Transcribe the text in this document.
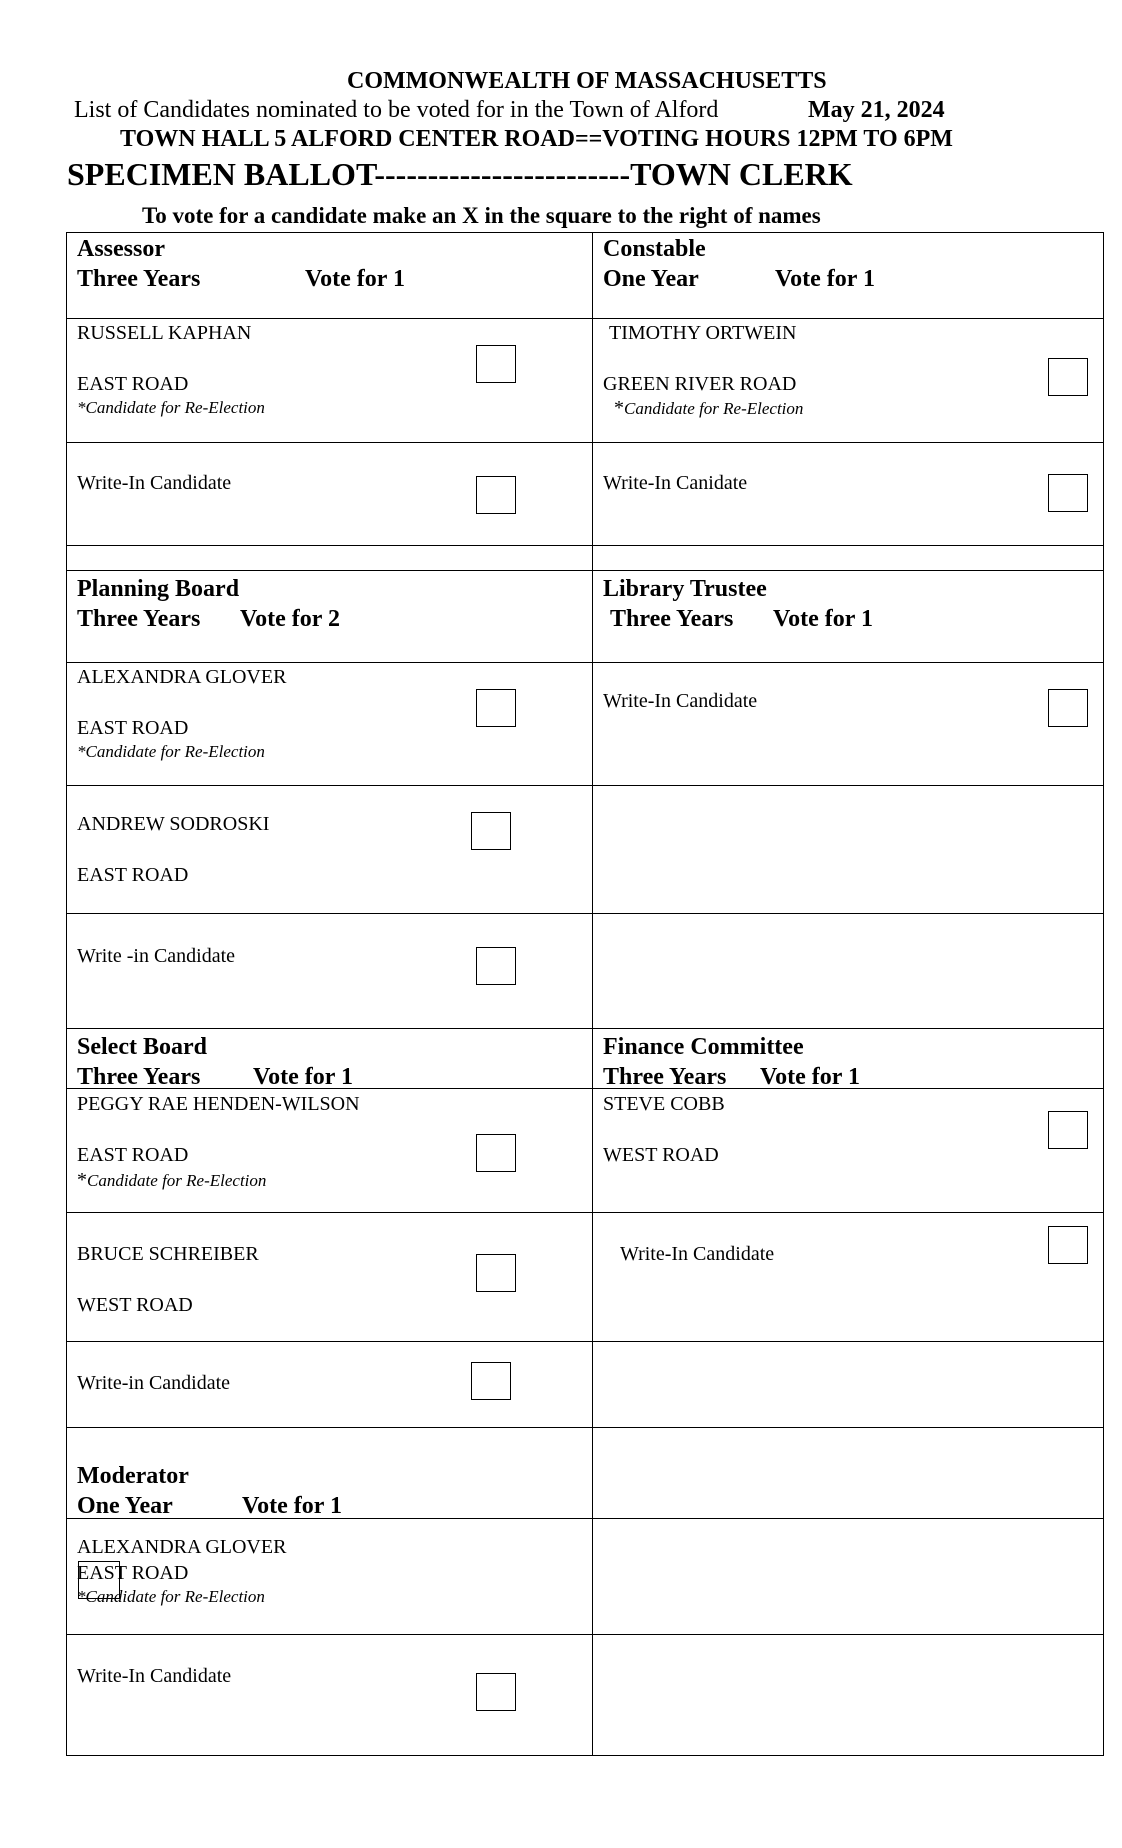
COMMONWEALTH OF MASSACHUSETTS
List of Candidates nominated to be voted for in the Town of Alford	May 21, 2024
TOWN HALL 5 ALFORD CENTER ROAD==VOTING HOURS 12PM TO 6PM
SPECIMEN BALLOT------------------------TOWN CLERK
To vote for a candidate make an X in the square to the right of names
Assessor
Three Years	Vote for 1
RUSSELL KAPHAN
EAST ROAD
*Candidate for Re-Election
Write-In Candidate
Constable
One Year	Vote for 1
TIMOTHY ORTWEIN
GREEN RIVER ROAD
*Candidate for Re-Election
Write-In Canidate
Planning Board
Three Years Vote for 2
ALEXANDRA GLOVER
EAST ROAD
*Candidate for Re-Election
ANDREW SODROSKI
EAST ROAD
Write -in Candidate
Library Trustee
Three Years Vote for 1
Write-In Candidate
Select Board
Three Years Vote for 1
PEGGY RAE HENDEN-WILSON
EAST ROAD
*Candidate for Re-Election
BRUCE SCHREIBER
WEST ROAD
Write-in Candidate
Finance Committee
Three Years Vote for 1
STEVE COBB
WEST ROAD
Write-In Candidate
Moderator
One Year	Vote for 1
ALEXANDRA GLOVER
EAST ROAD
*Candidate for Re-Election
Write-In Candidate
